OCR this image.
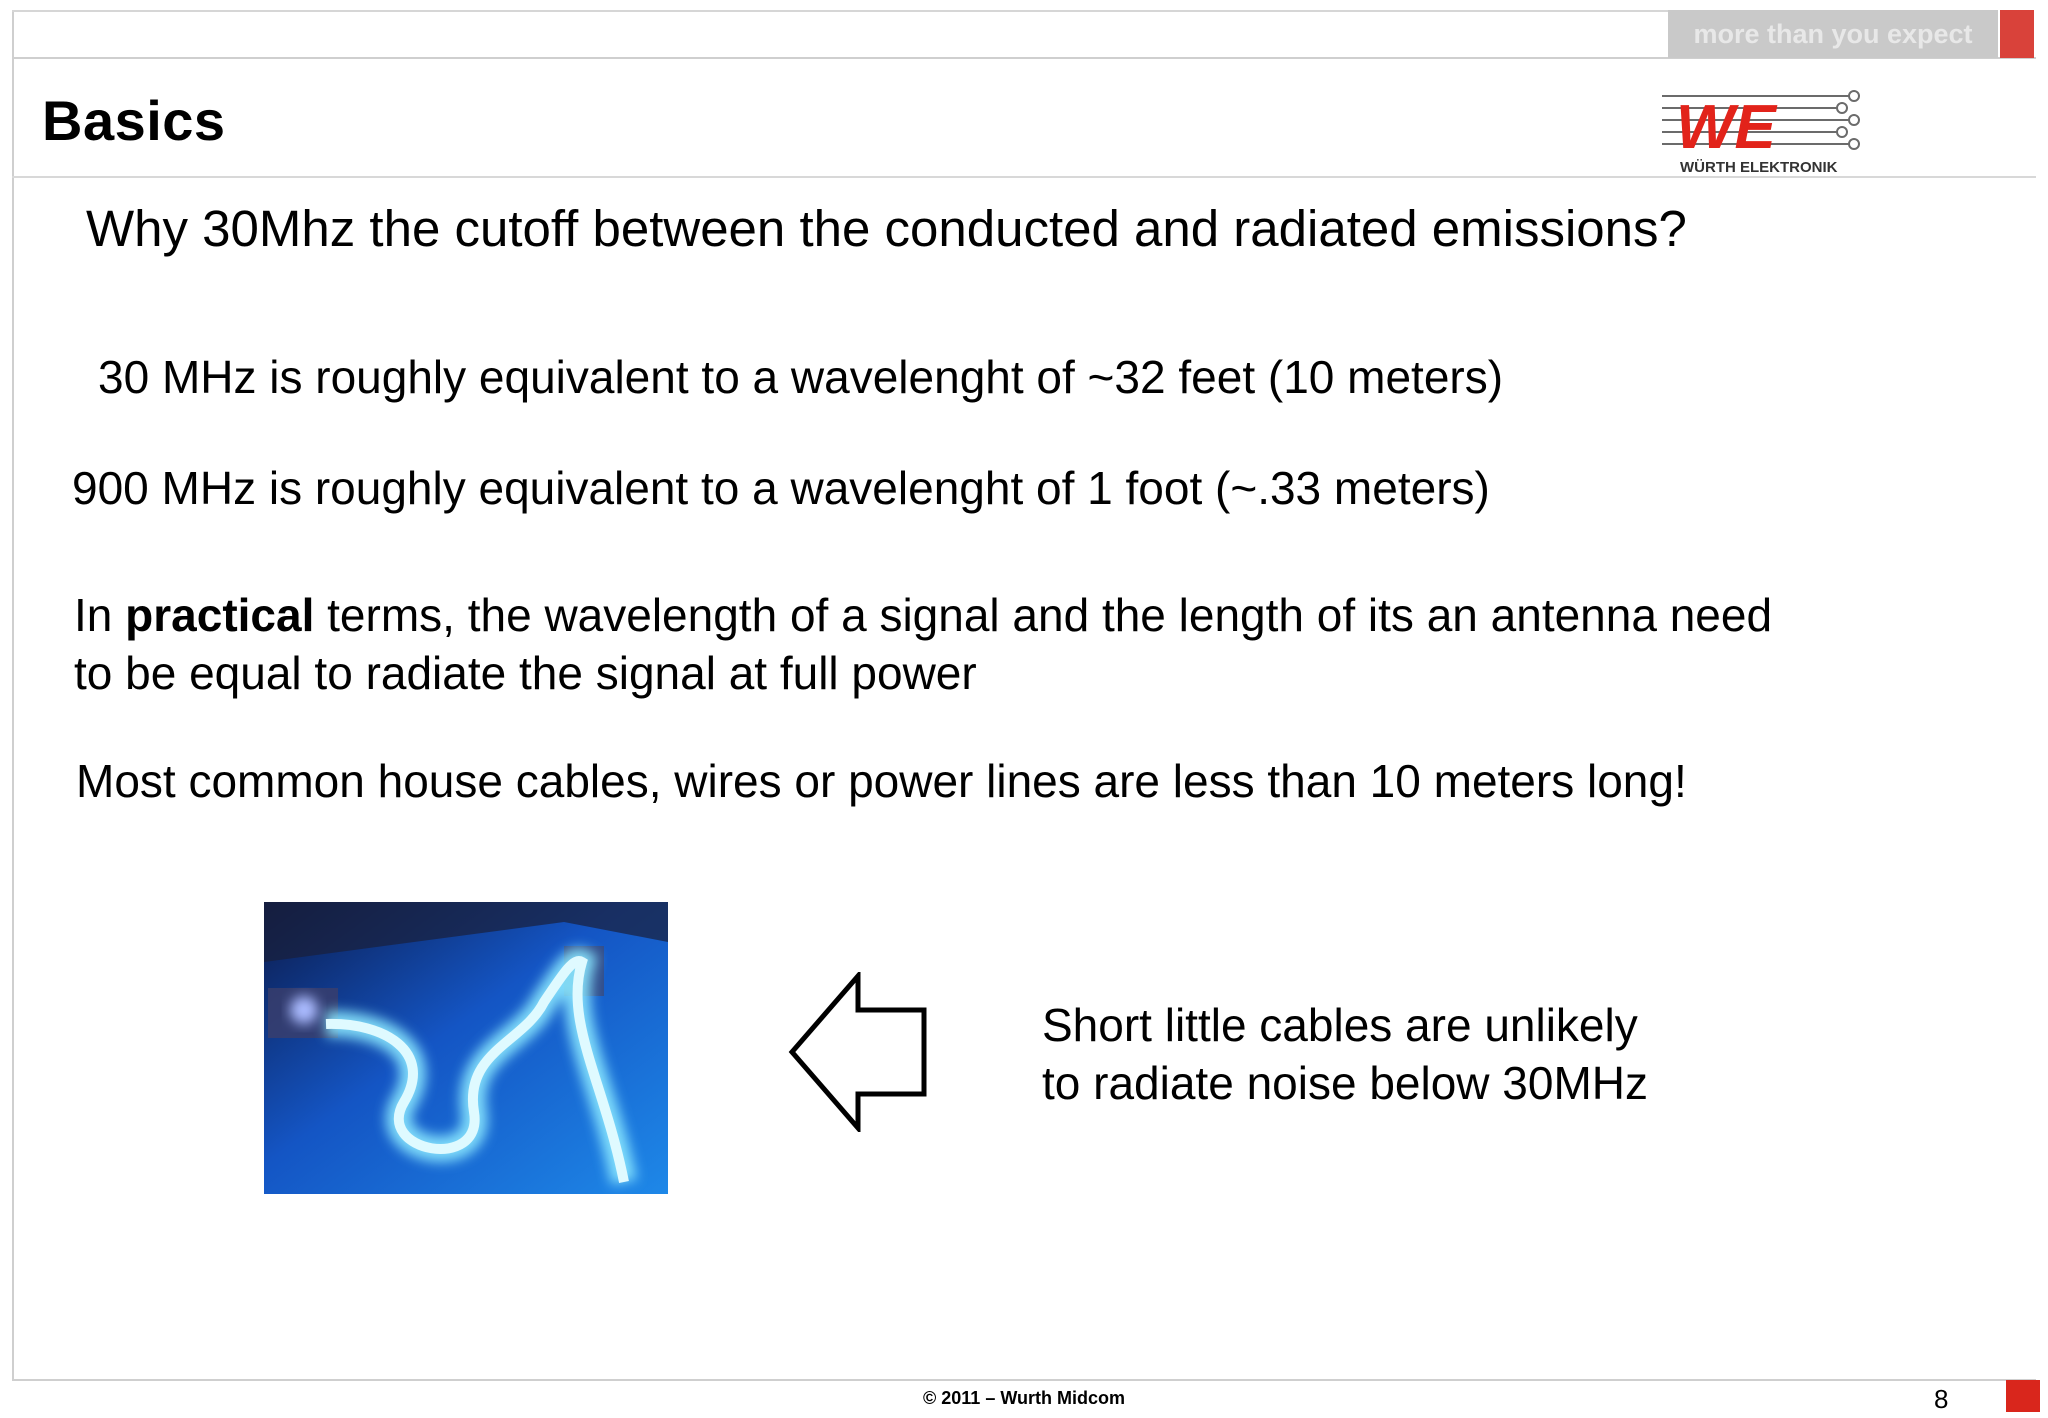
more than you expect
WE
WÜRTH ELEKTRONIK
Basics
Why 30Mhz the cutoff between the conducted and radiated emissions?
30 MHz is roughly equivalent to a wavelenght of ~32 feet (10 meters)
900 MHz is roughly equivalent to a wavelenght of 1 foot (~.33 meters)
In practical terms, the wavelength of a signal and the length of its an antenna need
to be equal to radiate the signal at full power
Most common house cables, wires or power lines are less than 10 meters long!
Short little cables are unlikely
to radiate noise below 30MHz
© 2011 – Wurth Midcom	8
